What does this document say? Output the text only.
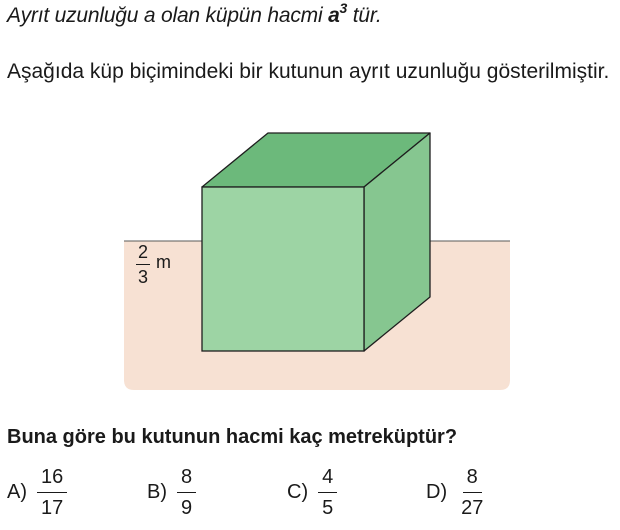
Ayrıt uzunluğu a olan küpün hacmi $a^3$ tür.

Aşağıda küp biçimindeki bir kutunun ayrıt uzunluğu gösterilmiştir.

$\frac{2}{3}$ m

Buna göre bu kutunun hacmi kaç metreküptür?

$A) \frac{16}{17}$	$B) \frac{8}{9}$	$C) \frac{4}{5}$	$D) \frac{8}{27}$
